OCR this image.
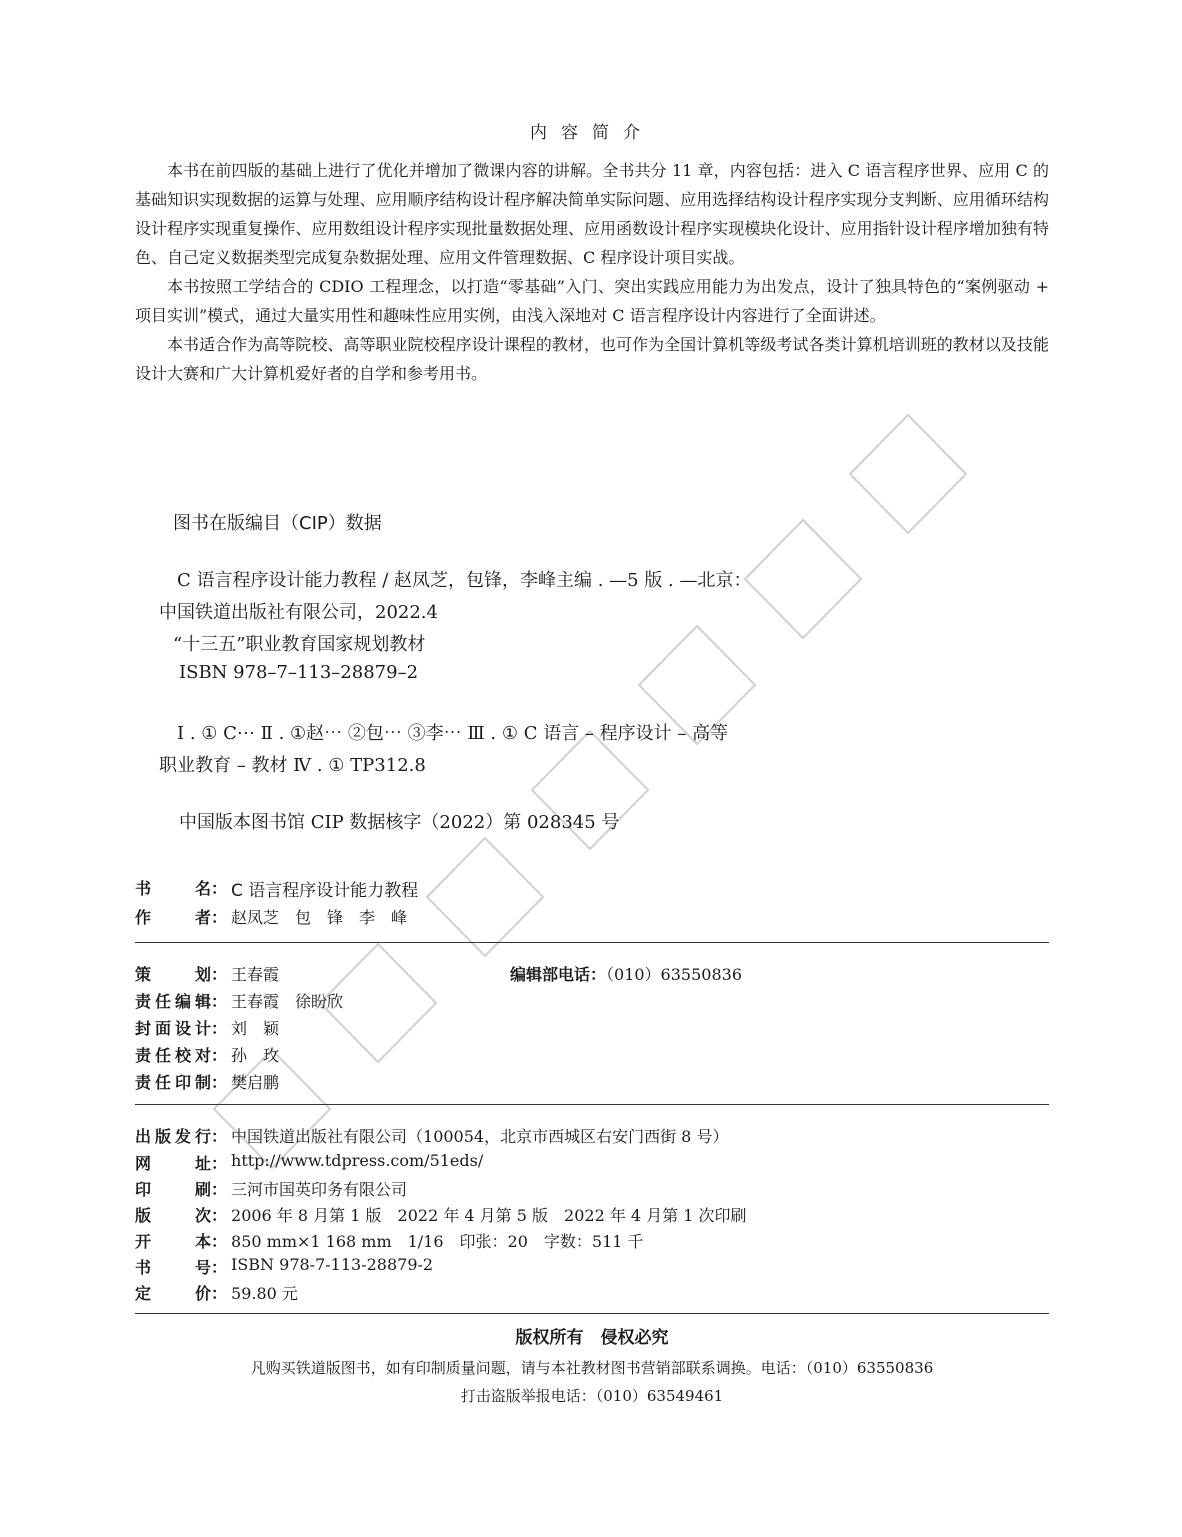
内容简介

本书在前四版的基础上进行了优化并增加了微课内容的讲解。全书共分 11 章，内容包括：进入 C 语言程序世界、应用 C 的基础知识实现数据的运算与处理、应用顺序结构设计程序解决简单实际问题、应用选择结构设计程序实现分支判断、应用循环结构设计程序实现重复操作、应用数组设计程序实现批量数据处理、应用函数设计程序实现模块化设计、应用指针设计程序增加独有特色、自己定义数据类型完成复杂数据处理、应用文件管理数据、C 程序设计项目实战。

本书按照工学结合的 CDIO 工程理念，以打造“零基础”入门、突出实践应用能力为出发点，设计了独具特色的“案例驱动 + 项目实训”模式，通过大量实用性和趣味性应用实例，由浅入深地对 C 语言程序设计内容进行了全面讲述。

本书适合作为高等院校、高等职业院校程序设计课程的教材，也可作为全国计算机等级考试各类计算机培训班的教材以及技能设计大赛和广大计算机爱好者的自学和参考用书。

图书在版编目（CIP）数据
C 语言程序设计能力教程 / 赵凤芝，包锋，李峰主编 . —5 版 . —北京：
中国铁道出版社有限公司，2022.4
“十三五”职业教育国家规划教材
ISBN 978–7–113–28879–2
Ⅰ . ① C⋯ Ⅱ . ①赵⋯ ②包⋯ ③李⋯ Ⅲ . ① C 语言 – 程序设计 – 高等
职业教育 – 教材 Ⅳ . ① TP312.8
中国版本图书馆 CIP 数据核字（2022）第 028345 号
书名 ： C 语言程序设计能力教程
作者 ： 赵凤芝　包　锋　李　峰
策划 ： 王春霞	编辑部电话：（010）63550836
责任编辑 ： 王春霞　徐盼欣
封面设计 ： 刘　颖
责任校对 ： 孙　玫
责任印制 ： 樊启鹏
出版发行 ： 中国铁道出版社有限公司（100054，北京市西城区右安门西街 8 号）
网址 ： http://www.tdpress.com/51eds/
印刷 ： 三河市国英印务有限公司
版次 ： 2006 年 8 月第 1 版　2022 年 4 月第 5 版　2022 年 4 月第 1 次印刷
开本 ： 850 mm×1 168 mm　1/16　印张：20　字数：511 千
书号 ： ISBN 978-7-113-28879-2
定价 ： 59.80 元
版权所有　侵权必究
凡购买铁道版图书，如有印制质量问题，请与本社教材图书营销部联系调换。电话：（010）63550836
打击盗版举报电话：（010）63549461
